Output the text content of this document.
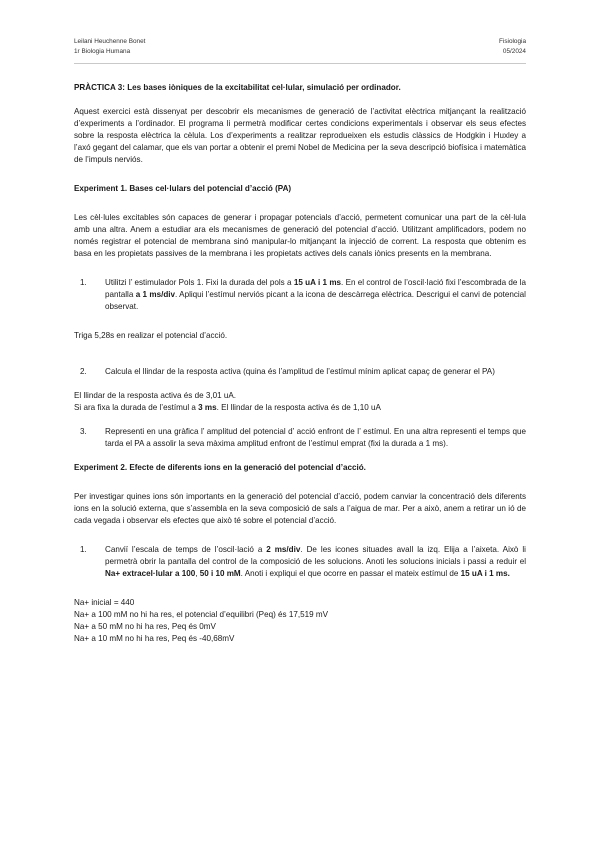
Leilani Heuchenne Bonet
1r Biologia Humana
Fisiologia
05/2024

PRÀCTICA 3: Les bases iòniques de la excitabilitat cel·lular, simulació per ordinador.

Aquest exercici està dissenyat per descobrir els mecanismes de generació de l’activitat elèctrica mitjançant la realització d’experiments a l’ordinador. El programa li permetrà modificar certes condicions experimentals i observar els seus efectes sobre la resposta elèctrica la cèlula. Los d’experiments a realitzar reprodueixen els estudis clàssics de Hodgkin i Huxley a l’axó gegant del calamar, que els van portar a obtenir el premi Nobel de Medicina per la seva descripció biofísica i matemàtica de l’impuls nerviós.

Experiment 1. Bases cel·lulars del potencial d’acció (PA)

Les cèl·lules excitables són capaces de generar i propagar potencials d’acció, permetent comunicar una part de la cèl·lula amb una altra. Anem a estudiar ara els mecanismes de generació del potencial d’acció. Utilitzant amplificadors, podem no només registrar el potencial de membrana sinó manipular-lo mitjançant la injecció de corrent. La resposta que obtenim es basa en les propietats passives de la membrana i les propietats actives dels canals iònics presents en la membrana.

1. Utilitzi l’ estimulador Pols 1. Fixi la durada del pols a 15 uA i 1 ms. En el control de l’oscil·lació fixi l’escombrada de la pantalla a 1 ms/div. Apliqui l’estímul nerviós picant a la icona de descàrrega elèctrica. Descrigui el canvi de potencial observat.

Triga 5,28s en realizar el potencial d’acció.

2. Calcula el llindar de la resposta activa (quina és l’amplitud de l’estímul mínim aplicat capaç de generar el PA)

El llindar de la resposta activa és de 3,01 uA.

Si ara fixa la durada de l’estímul a 3 ms. El llindar de la resposta activa és de 1,10 uA

3. Representi en una gràfica l’ amplitud del potencial d’ acció enfront de l’ estímul. En una altra representi el temps que tarda el PA a assolir la seva màxima amplitud enfront de l’estímul emprat (fixi la durada a 1 ms).

Experiment 2. Efecte de diferents ions en la generació del potencial d’acció.

Per investigar quines ions són importants en la generació del potencial d’acció, podem canviar la concentració dels diferents ions en la solució externa, que s’assembla en la seva composició de sals a l’aigua de mar. Per a això, anem a retirar un ió de cada vegada i observar els efectes que això té sobre el potencial d’acció.

1. Canviï l’escala de temps de l’oscil·lació a 2 ms/div. De les icones situades avall la izq. Elija a l’aixeta. Això li permetrà obrir la pantalla del control de la composició de les solucions. Anoti les solucions inicials i passi a reduir el Na+ extracel·lular a 100, 50 i 10 mM. Anoti i expliqui el que ocorre en passar el mateix estímul de 15 uA i 1 ms.

Na+ inicial = 440

Na+ a 100 mM no hi ha res, el potencial d’equilibri (Peq) és 17,519 mV

Na+ a 50 mM no hi ha res, Peq és 0mV

Na+ a 10 mM no hi ha res, Peq és -40,68mV
